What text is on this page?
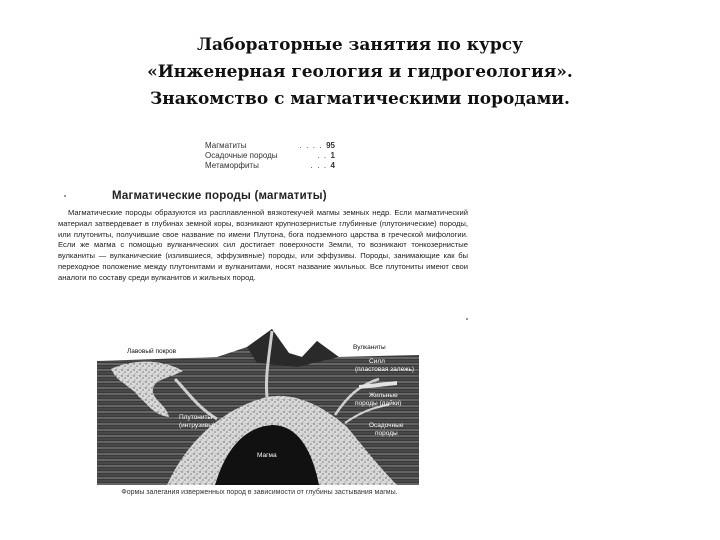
Лабораторные занятия по курсу
«Инженерная геология и гидрогеология».
Знакомство с магматическими породами.
Магматиты	.  .  .  .  95
Осадочные породы	.  .  1
Метаморфиты	.  .  .  4
Магматические породы (магматиты)

Магматические породы образуются из расплавленной вязкотекучей магмы земных недр. Если магматический материал затвердевает в глубинах земной коры, возникают крупнозернистые глубинные (плутонические) породы, или плутониты, получившие свое название по имени Плутона, бога подземного царства в греческой мифологии. Если же магма с помощью вулканических сил достигает поверхности Земли, то возникают тонкозернистые вулканиты — вулканические (излившиеся, эффузивные) породы, или эффузивы. Породы, занимающие как бы переходное положение между плутонитами и вулканитами, носят название жильных. Все плутониты имеют свои аналоги по составу среди вулканитов и жильных пород.

Лавовый покров
Вулканиты
Силл
(пластовая залежь)
Жильные
породы (дайки)
Плутониты
(интрузивы)	Осадочные
породы
Магма
Формы залегания изверженных пород в зависимости от глубины застывания магмы.
